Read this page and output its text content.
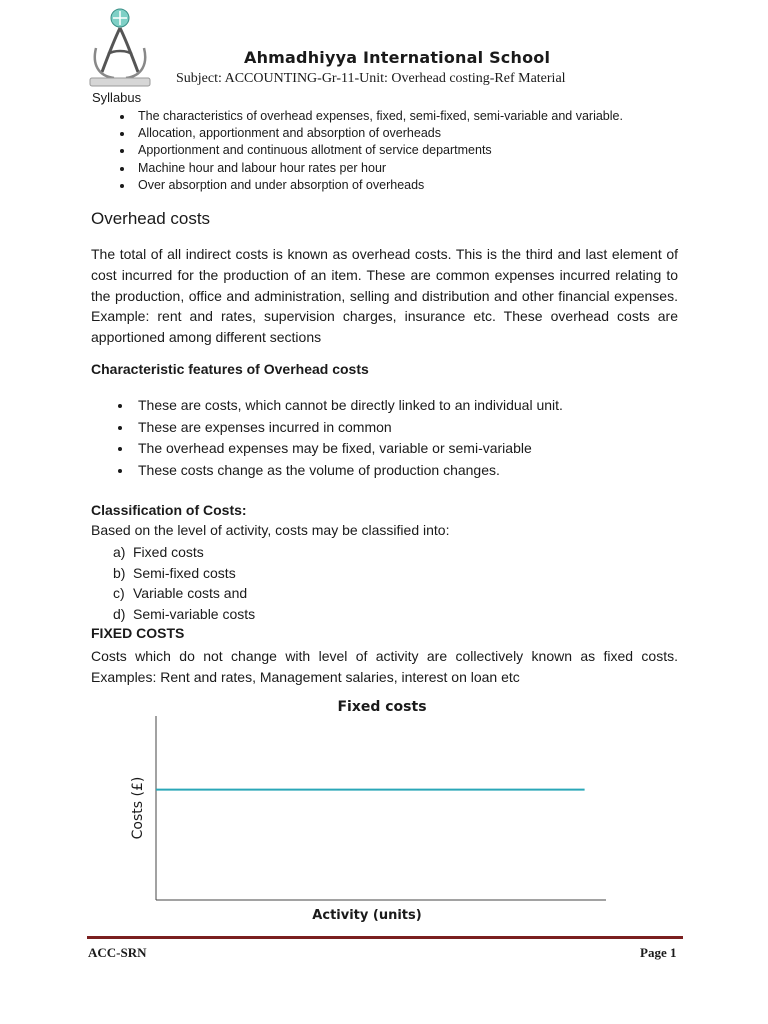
Ahmadhiyya International School
Subject: ACCOUNTING-Gr-11-Unit: Overhead costing-Ref Material
Syllabus
• The characteristics of overhead expenses, fixed, semi-fixed, semi-variable and variable.
• Allocation, apportionment and absorption of overheads
• Apportionment and continuous allotment of service departments
• Machine hour and labour hour rates per hour
• Over absorption and under absorption of overheads
Overhead costs
The total of all indirect costs is known as overhead costs. This is the third and last element of cost incurred for the production of an item. These are common expenses incurred relating to the production, office and administration, selling and distribution and other financial expenses. Example: rent and rates, supervision charges, insurance etc. These overhead costs are apportioned among different sections
Characteristic features of Overhead costs
• These are costs, which cannot be directly linked to an individual unit.
• These are expenses incurred in common
• The overhead expenses may be fixed, variable or semi-variable
• These costs change as the volume of production changes.
Classification of Costs:
Based on the level of activity, costs may be classified into:
a) Fixed costs
b) Semi-fixed costs
c) Variable costs and
d) Semi-variable costs
FIXED COSTS
Costs which do not change with level of activity are collectively known as fixed costs. Examples: Rent and rates, Management salaries, interest on loan etc
Fixed costs
Costs (£)
Activity (units)
ACC-SRN	Page 1
